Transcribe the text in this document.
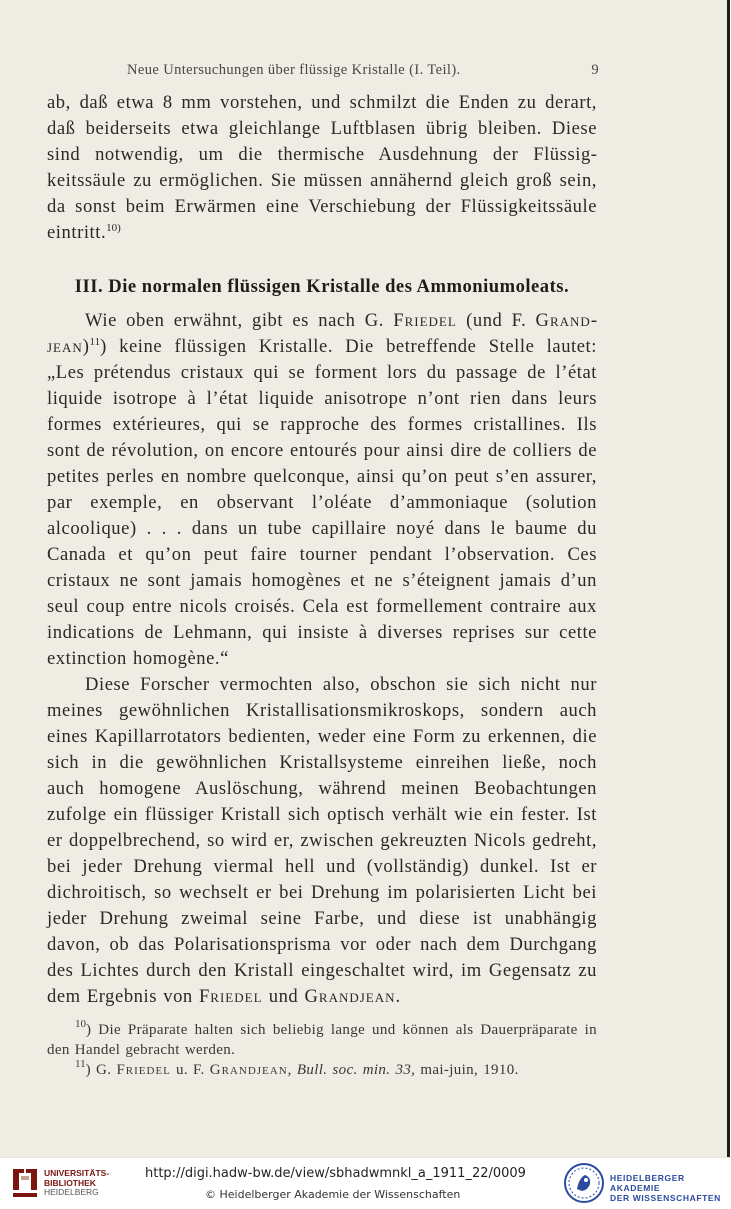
Neue Untersuchungen über flüssige Kristalle (I. Teil).	9

ab, daß etwa 8 mm vorstehen, und schmilzt die Enden zu derart, daß beiderseits etwa gleichlange Luftblasen übrig bleiben. Diese sind notwendig, um die thermische Ausdehnung der Flüssigkeitssäule zu ermöglichen. Sie müssen annähernd gleich groß sein, da sonst beim Erwärmen eine Verschiebung der Flüssigkeitssäule eintritt.$^{10)}$

III. Die normalen flüssigen Kristalle des Ammoniumoleats.

Wie oben erwähnt, gibt es nach G. Friedel (und F. Grandjean)$^{11}$) keine flüssigen Kristalle. Die betreffende Stelle lautet: „Les prétendus cristaux qui se forment lors du passage de l’état liquide isotrope à l’état liquide anisotrope n’ont rien dans leurs formes extérieures, qui se rapproche des formes cristallines. Ils sont de révolution, on encore entourés pour ainsi dire de colliers de petites perles en nombre quelconque, ainsi qu’on peut s’en assurer, par exemple, en observant l’oléate d’ammoniaque (solution alcoolique) . . . dans un tube capillaire noyé dans le baume du Canada et qu’on peut faire tourner pendant l’observation. Ces cristaux ne sont jamais homogènes et ne s’éteignent jamais d’un seul coup entre nicols croisés. Cela est formellement contraire aux indications de Lehmann, qui insiste à diverses reprises sur cette extinction homogène.“

Diese Forscher vermochten also, obschon sie sich nicht nur meines gewöhnlichen Kristallisationsmikroskops, sondern auch eines Kapillarrotators bedienten, weder eine Form zu erkennen, die sich in die gewöhnlichen Kristallsysteme einreihen ließe, noch auch homogene Auslöschung, während meinen Beobachtungen zufolge ein flüssiger Kristall sich optisch verhält wie ein fester. Ist er doppelbrechend, so wird er, zwischen gekreuzten Nicols gedreht, bei jeder Drehung viermal hell und (vollständig) dunkel. Ist er dichroitisch, so wechselt er bei Drehung im polarisierten Licht bei jeder Drehung zweimal seine Farbe, und diese ist unabhängig davon, ob das Polarisationsprisma vor oder nach dem Durchgang des Lichtes durch den Kristall eingeschaltet wird, im Gegensatz zu dem Ergebnis von Friedel und Grandjean.

$^{10}$) Die Präparate halten sich beliebig lange und können als Dauerpräparate in den Handel gebracht werden.

$^{11}$) G. Friedel u. F. Grandjean, Bull. soc. min. 33, mai-juin, 1910.

UNIVERSITÄTS-
BIBLIOTHEK
HEIDELBERG
http://digi.hadw-bw.de/view/sbhadwmnkl_a_1911_22/0009
© Heidelberger Akademie der Wissenschaften
HEIDELBERGER AKADEMIE
DER WISSENSCHAFTEN
